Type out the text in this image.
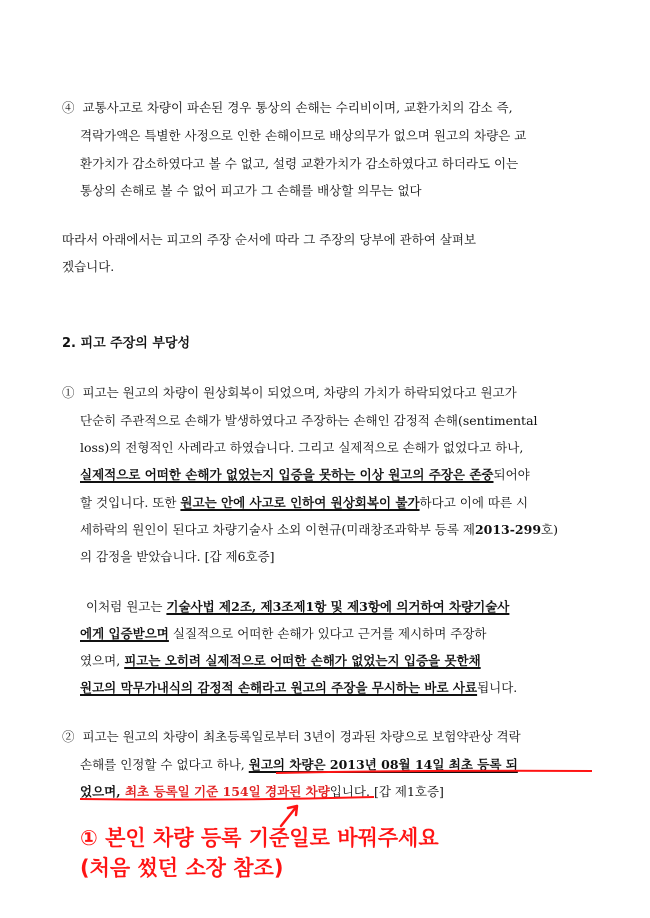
④ 교통사고로 차량이 파손된 경우 통상의 손해는 수리비이며, 교환가치의 감소 즉,
격락가액은 특별한 사정으로 인한 손해이므로 배상의무가 없으며 원고의 차량은 교
환가치가 감소하였다고 볼 수 없고, 설령 교환가치가 감소하였다고 하더라도 이는
통상의 손해로 볼 수 없어 피고가 그 손해를 배상할 의무는 없다
따라서 아래에서는 피고의 주장 순서에 따라 그 주장의 당부에 관하여 살펴보
겠습니다.
2. 피고 주장의 부당성
① 피고는 원고의 차량이 원상회복이 되었으며, 차량의 가치가 하락되었다고 원고가
단순히 주관적으로 손해가 발생하였다고 주장하는 손해인 감정적 손해(sentimental
loss)의 전형적인 사례라고 하였습니다. 그리고 실제적으로 손해가 없었다고 하나,
실제적으로 어떠한 손해가 없었는지 입증을 못하는 이상 원고의 주장은 존중되어야
할 것입니다. 또한 원고는 안에 사고로 인하여 원상회복이 불가하다고 이에 따른 시
세하락의 원인이 된다고 차량기술사 소외 이현규(미래창조과학부 등록 제2013-299호)
의 감정을 받았습니다. [갑 제6호증]
이처럼 원고는 기술사법 제2조, 제3조제1항 및 제3항에 의거하여 차량기술사
에게 입증받으며 실질적으로 어떠한 손해가 있다고 근거를 제시하며 주장하
였으며, 피고는 오히려 실제적으로 어떠한 손해가 없었는지 입증을 못한채
원고의 막무가내식의 감정적 손해라고 원고의 주장을 무시하는 바로 사료됩니다.
② 피고는 원고의 차량이 최초등록일로부터 3년이 경과된 차량으로 보험약관상 격락
손해를 인정할 수 없다고 하나, 원고의 차량은 2013년 08월 14일 최초 등록 되
었으며, 최초 등록일 기준 154일 경과된 차량입니다. [갑 제1호증]
① 본인 차량 등록 기준일로 바꿔주세요
(처음 썼던 소장 참조)
